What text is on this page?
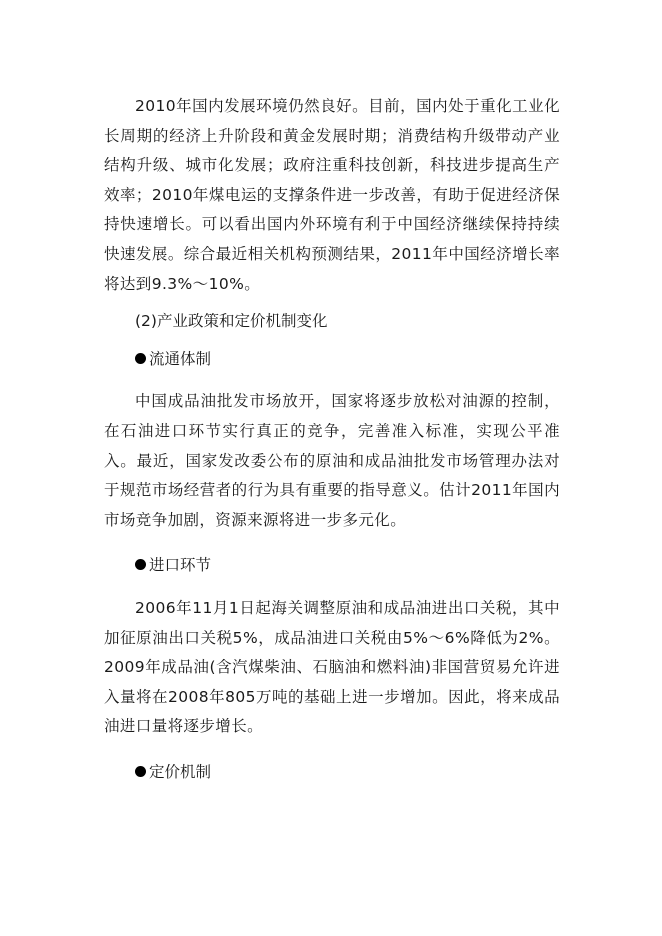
2010年国内发展环境仍然良好。目前，国内处于重化工业化长周期的经济上升阶段和黄金发展时期；消费结构升级带动产业结构升级、城市化发展；政府注重科技创新，科技进步提高生产效率；2010年煤电运的支撑条件进一步改善，有助于促进经济保持快速增长。可以看出国内外环境有利于中国经济继续保持持续快速发展。综合最近相关机构预测结果，2011年中国经济增长率将达到9.3%～10%。

(2)产业政策和定价机制变化

流通体制

中国成品油批发市场放开，国家将逐步放松对油源的控制，在石油进口环节实行真正的竞争，完善准入标准，实现公平准入。最近，国家发改委公布的原油和成品油批发市场管理办法对于规范市场经营者的行为具有重要的指导意义。估计2011年国内市场竞争加剧，资源来源将进一步多元化。

进口环节

2006年11月1日起海关调整原油和成品油进出口关税，其中加征原油出口关税5%，成品油进口关税由5%～6%降低为2%。2009年成品油(含汽煤柴油、石脑油和燃料油)非国营贸易允许进入量将在2008年805万吨的基础上进一步增加。因此，将来成品油进口量将逐步增长。

定价机制
